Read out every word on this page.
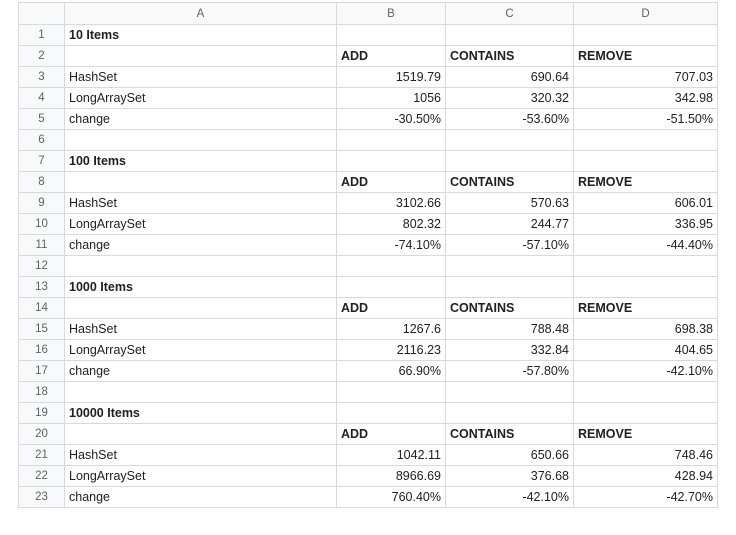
	A	B	C	D
1	10 Items			
2		ADD	CONTAINS	REMOVE
3	HashSet	1519.79	690.64	707.03
4	LongArraySet	1056	320.32	342.98
5	change	-30.50%	-53.60%	-51.50%
6				
7	100 Items			
8		ADD	CONTAINS	REMOVE
9	HashSet	3102.66	570.63	606.01
10	LongArraySet	802.32	244.77	336.95
11	change	-74.10%	-57.10%	-44.40%
12				
13	1000 Items			
14		ADD	CONTAINS	REMOVE
15	HashSet	1267.6	788.48	698.38
16	LongArraySet	2116.23	332.84	404.65
17	change	66.90%	-57.80%	-42.10%
18				
19	10000 Items			
20		ADD	CONTAINS	REMOVE
21	HashSet	1042.11	650.66	748.46
22	LongArraySet	8966.69	376.68	428.94
23	change	760.40%	-42.10%	-42.70%
